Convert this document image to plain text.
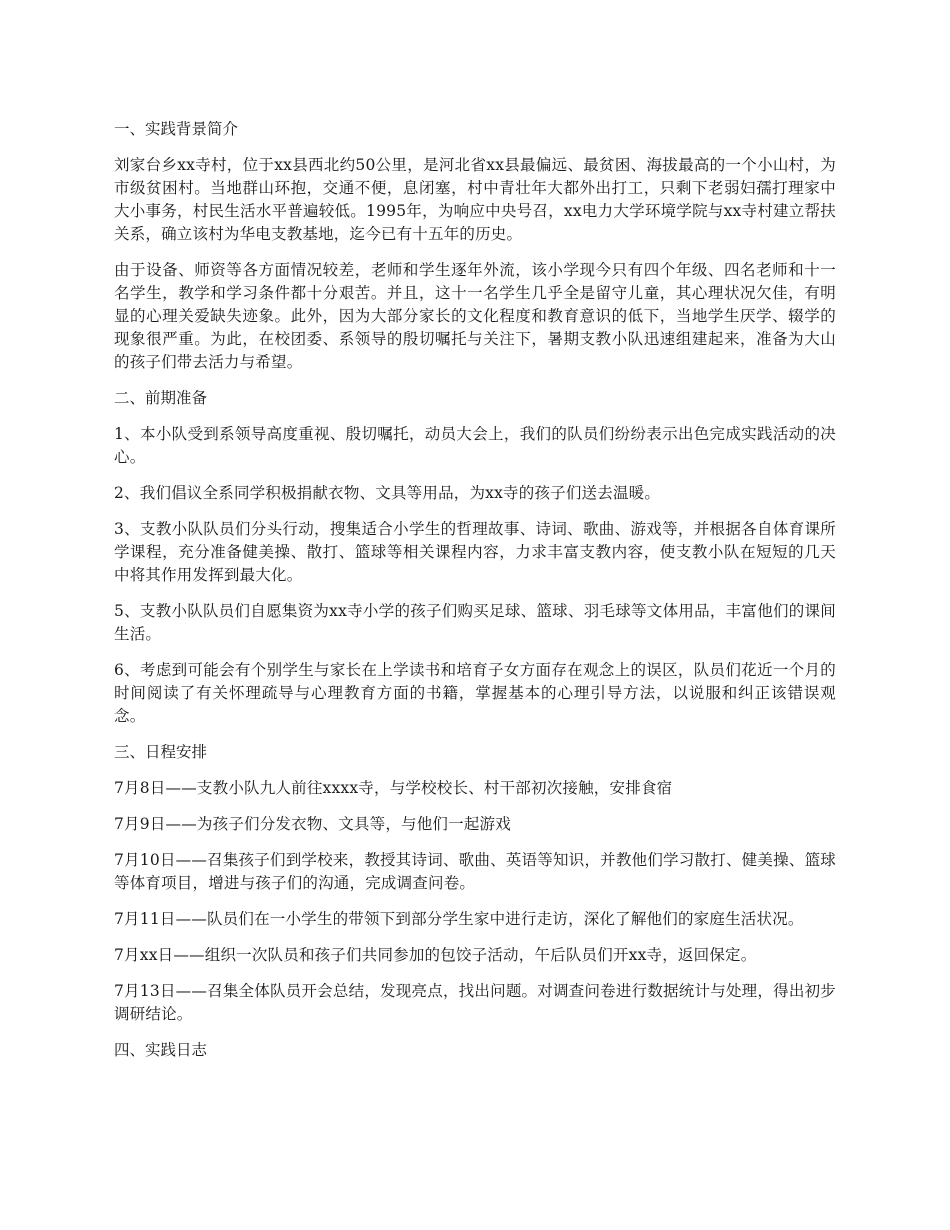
一、实践背景简介

刘家台乡xx寺村，位于xx县西北约50公里，是河北省xx县最偏远、最贫困、海拔最高的一个小山村，为市级贫困村。当地群山环抱，交通不便，息闭塞，村中青壮年大都外出打工，只剩下老弱妇孺打理家中大小事务，村民生活水平普遍较低。1995年，为响应中央号召，xx电力大学环境学院与xx寺村建立帮扶关系，确立该村为华电支教基地，迄今已有十五年的历史。

由于设备、师资等各方面情况较差，老师和学生逐年外流，该小学现今只有四个年级、四名老师和十一名学生，教学和学习条件都十分艰苦。并且，这十一名学生几乎全是留守儿童，其心理状况欠佳，有明显的心理关爱缺失迹象。此外，因为大部分家长的文化程度和教育意识的低下，当地学生厌学、辍学的现象很严重。为此，在校团委、系领导的殷切嘱托与关注下，暑期支教小队迅速组建起来，准备为大山的孩子们带去活力与希望。

二、前期准备

1、本小队受到系领导高度重视、殷切嘱托，动员大会上，我们的队员们纷纷表示出色完成实践活动的决心。

2、我们倡议全系同学积极捐献衣物、文具等用品，为xx寺的孩子们送去温暖。

3、支教小队队员们分头行动，搜集适合小学生的哲理故事、诗词、歌曲、游戏等，并根据各自体育课所学课程，充分准备健美操、散打、篮球等相关课程内容，力求丰富支教内容，使支教小队在短短的几天中将其作用发挥到最大化。

5、支教小队队员们自愿集资为xx寺小学的孩子们购买足球、篮球、羽毛球等文体用品，丰富他们的课间生活。

6、考虑到可能会有个别学生与家长在上学读书和培育子女方面存在观念上的误区，队员们花近一个月的时间阅读了有关怀理疏导与心理教育方面的书籍，掌握基本的心理引导方法，以说服和纠正该错误观念。

三、日程安排

7月8日——支教小队九人前往xxxx寺，与学校校长、村干部初次接触，安排食宿

7月9日——为孩子们分发衣物、文具等，与他们一起游戏

7月10日——召集孩子们到学校来，教授其诗词、歌曲、英语等知识，并教他们学习散打、健美操、篮球等体育项目，增进与孩子们的沟通，完成调查问卷。

7月11日——队员们在一小学生的带领下到部分学生家中进行走访，深化了解他们的家庭生活状况。

7月xx日——组织一次队员和孩子们共同参加的包饺子活动，午后队员们开xx寺，返回保定。

7月13日——召集全体队员开会总结，发现亮点，找出问题。对调查问卷进行数据统计与处理，得出初步调研结论。

四、实践日志
